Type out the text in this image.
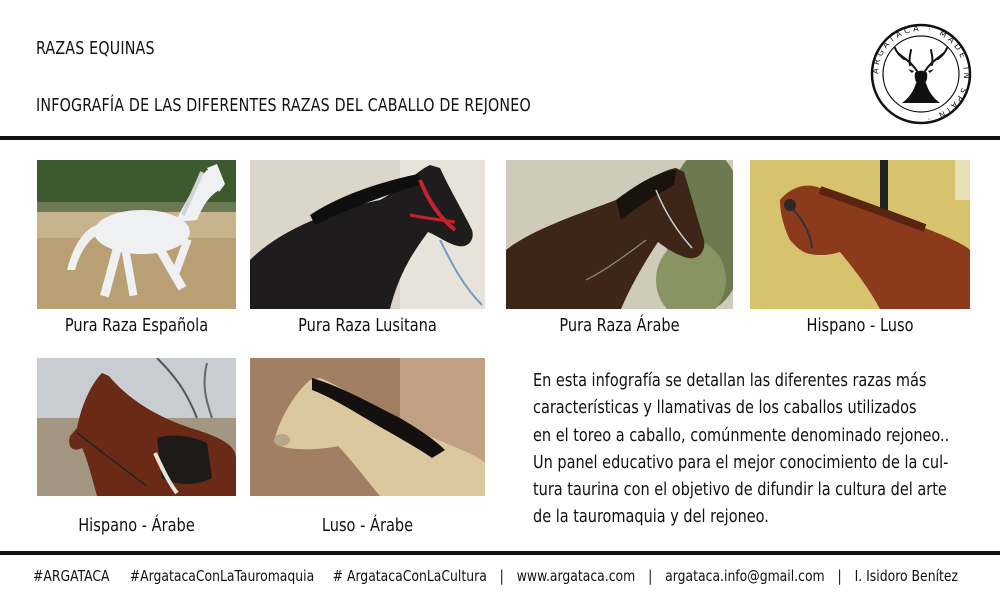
RAZAS EQUINAS
INFOGRAFÍA DE LAS DIFERENTES RAZAS DEL CABALLO DE REJONEO
ARGATACA · MADE IN SPAIN ·
Pura Raza Española	Pura Raza Lusitana	Pura Raza Árabe	Hispano - Luso
Hispano - Árabe	Luso - Árabe
En esta infografía se detallan las diferentes razas más
características y llamativas de los caballos utilizados
en el toreo a caballo, comúnmente denominado rejoneo..
Un panel educativo para el mejor conocimiento de la cul-
tura taurina con el objetivo de difundir la cultura del arte
de la tauromaquia y del rejoneo.
#ARGATACA #ArgatacaConLaTauromaquia # ArgatacaConLaCultura | www.argataca.com | argataca.info@gmail.com | I. Isidoro Benítez
